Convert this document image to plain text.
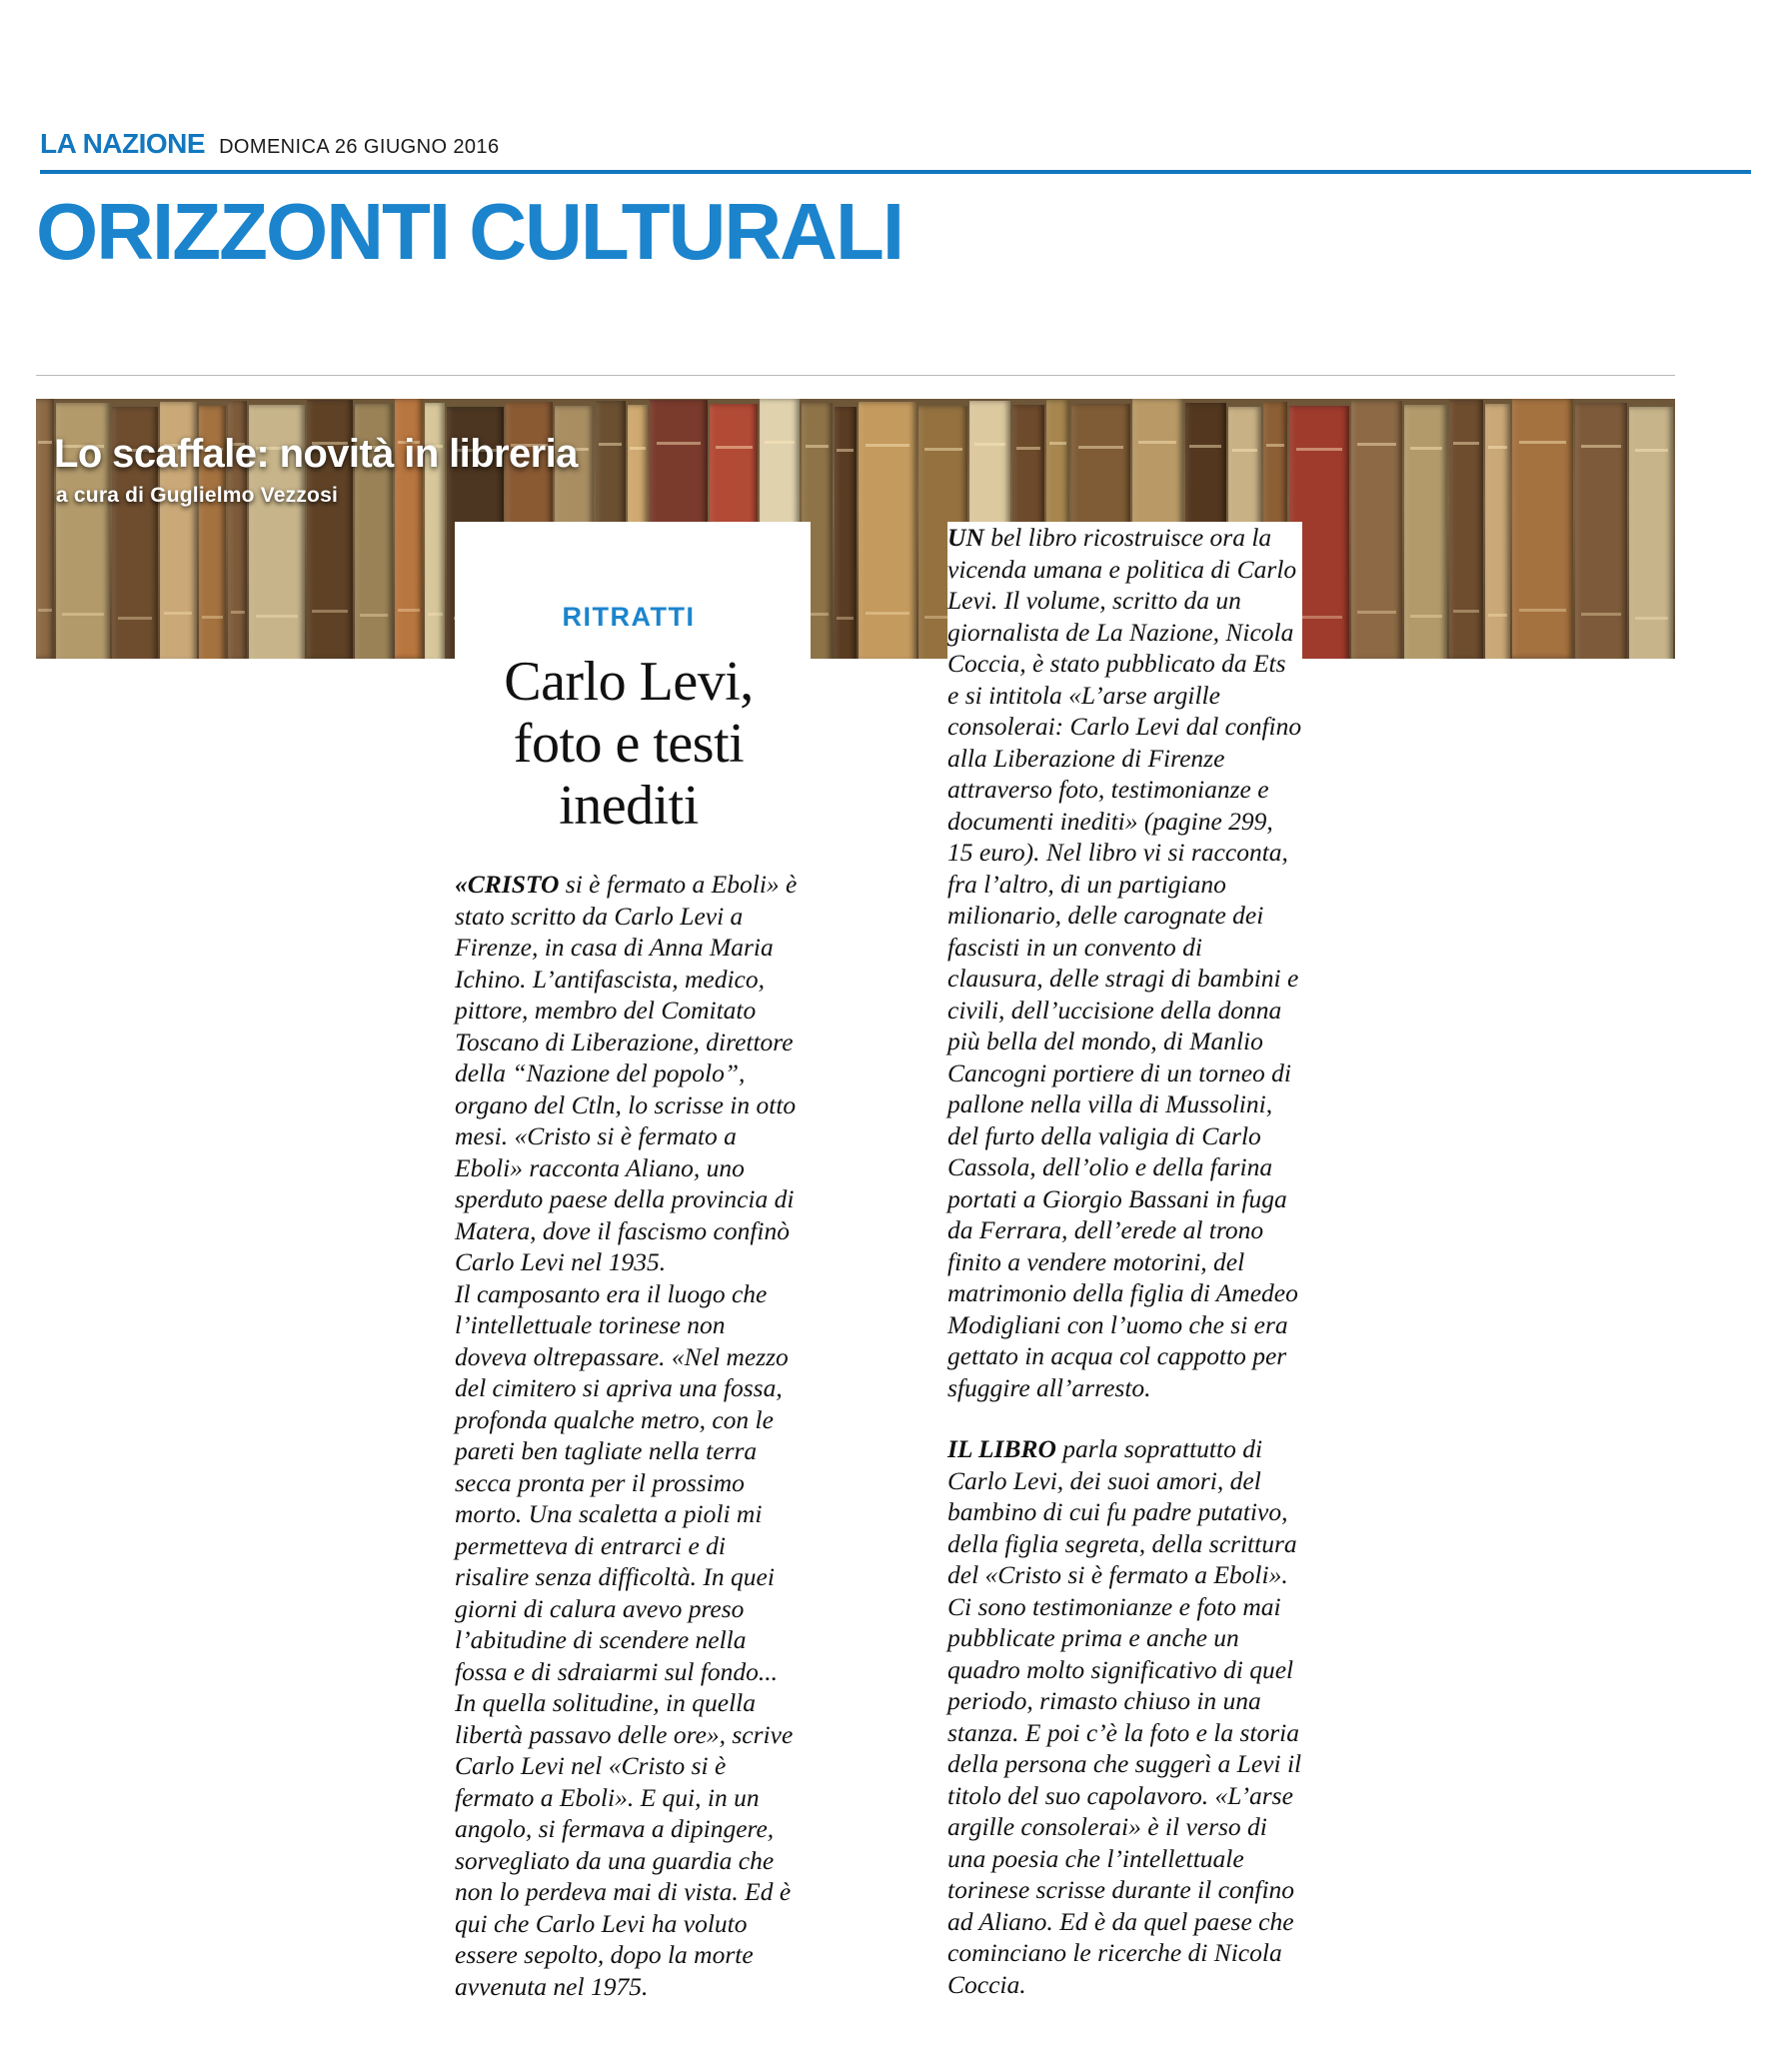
LA NAZIONE DOMENICA 26 GIUGNO 2016
ORIZZONTI CULTURALI
Lo scaffale: novità in libreria
a cura di Guglielmo Vezzosi
RITRATTI
Carlo Levi,
foto e testi
inediti

«CRISTO si è fermato a Eboli» è stato scritto da Carlo Levi a Firenze, in casa di Anna Maria Ichino. L’antifascista, medico, pittore, membro del Comitato Toscano di Liberazione, direttore della “Nazione del popolo”, organo del Ctln, lo scrisse in otto mesi. «Cristo si è fermato a Eboli» racconta Aliano, uno sperduto paese della provincia di Matera, dove il fascismo confinò Carlo Levi nel 1935.

Il camposanto era il luogo che l’intellettuale torinese non doveva oltrepassare. «Nel mezzo del cimitero si apriva una fossa, profonda qualche metro, con le pareti ben tagliate nella terra secca pronta per il prossimo morto. Una scaletta a pioli mi permetteva di entrarci e di risalire senza difficoltà. In quei giorni di calura avevo preso l’abitudine di scendere nella fossa e di sdraiarmi sul fondo... In quella solitudine, in quella libertà passavo delle ore», scrive Carlo Levi nel «Cristo si è fermato a Eboli». E qui, in un angolo, si fermava a dipingere, sorvegliato da una guardia che non lo perdeva mai di vista. Ed è qui che Carlo Levi ha voluto essere sepolto, dopo la morte avvenuta nel 1975.

UN bel libro ricostruisce ora la vicenda umana e politica di Carlo Levi. Il volume, scritto da un giornalista de La Nazione, Nicola Coccia, è stato pubblicato da Ets e si intitola «L’arse argille consolerai: Carlo Levi dal confino alla Liberazione di Firenze attraverso foto, testimonianze e documenti inediti» (pagine 299, 15 euro). Nel libro vi si racconta, fra l’altro, di un partigiano milionario, delle carognate dei fascisti in un convento di clausura, delle stragi di bambini e civili, dell’uccisione della donna più bella del mondo, di Manlio Cancogni portiere di un torneo di pallone nella villa di Mussolini, del furto della valigia di Carlo Cassola, dell’olio e della farina portati a Giorgio Bassani in fuga da Ferrara, dell’erede al trono finito a vendere motorini, del matrimonio della figlia di Amedeo Modigliani con l’uomo che si era gettato in acqua col cappotto per sfuggire all’arresto.

IL LIBRO parla soprattutto di Carlo Levi, dei suoi amori, del bambino di cui fu padre putativo, della figlia segreta, della scrittura del «Cristo si è fermato a Eboli». Ci sono testimonianze e foto mai pubblicate prima e anche un quadro molto significativo di quel periodo, rimasto chiuso in una stanza. E poi c’è la foto e la storia della persona che suggerì a Levi il titolo del suo capolavoro. «L’arse argille consolerai» è il verso di una poesia che l’intellettuale torinese scrisse durante il confino ad Aliano. Ed è da quel paese che cominciano le ricerche di Nicola Coccia.
